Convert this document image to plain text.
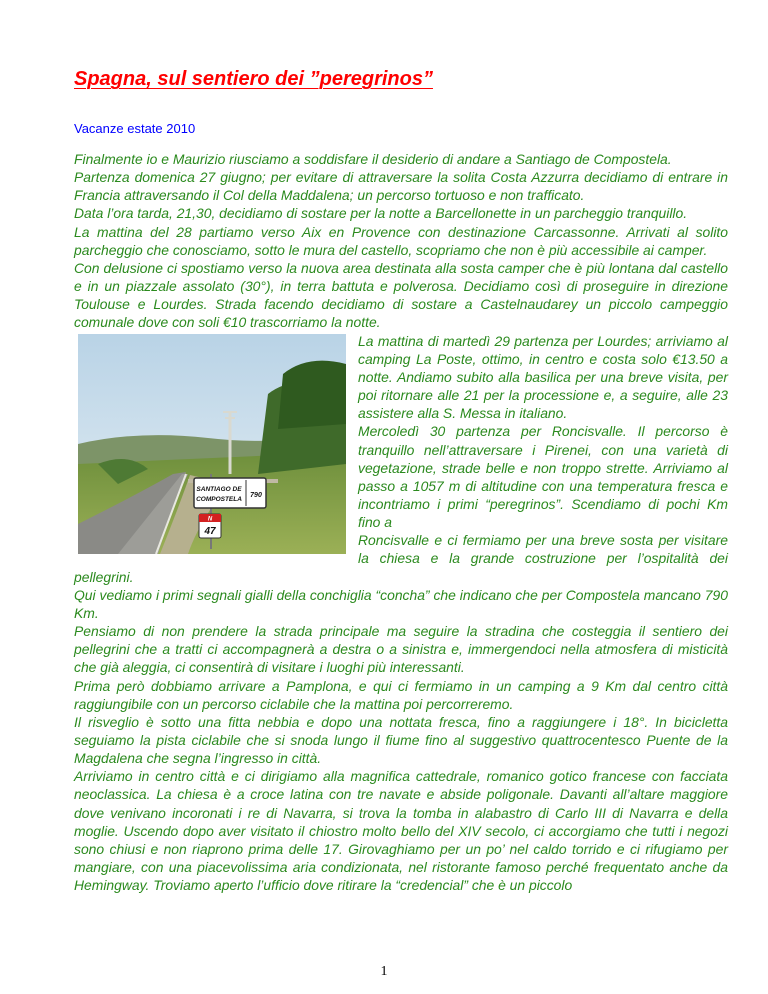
Spagna, sul sentiero dei ”peregrinos”

Vacanze estate 2010

Finalmente io e Maurizio riusciamo a soddisfare il desiderio di andare a Santiago de Compostela.

Partenza domenica 27 giugno; per evitare di attraversare la solita Costa Azzurra decidiamo di entrare in Francia attraversando il Col della Maddalena; un percorso tortuoso e non trafficato.

Data l’ora tarda, 21,30, decidiamo di sostare per la notte a Barcellonette in un parcheggio tranquillo.

La mattina del 28 partiamo verso Aix en Provence con destinazione Carcassonne. Arrivati al solito parcheggio che conosciamo, sotto le mura del castello, scopriamo che non è più accessibile ai camper.

Con delusione ci spostiamo verso la nuova area destinata alla sosta camper che è più lontana dal castello e in un piazzale assolato (30°), in terra battuta e polverosa. Decidiamo così di proseguire in direzione Toulouse e Lourdes. Strada facendo decidiamo di sostare a Castelnaudarey un piccolo campeggio comunale dove con soli €10 trascorriamo la notte.

SANTIAGO DE
COMPOSTELA
790
N
47

La mattina di martedì 29 partenza per Lourdes; arriviamo al camping La Poste, ottimo, in centro e costa solo €13.50 a notte. Andiamo subito alla basilica per una breve visita, per poi ritornare alle 21 per la processione e, a seguire, alle 23 assistere alla S. Messa in italiano.

Mercoledì 30 partenza per Roncisvalle. Il percorso è tranquillo nell’attraversare i Pirenei, con una varietà di vegetazione, strade belle e non troppo strette. Arriviamo al passo a 1057 m di altitudine con una temperatura fresca e incontriamo i primi “peregrinos”. Scendiamo di pochi Km fino a

Roncisvalle e ci fermiamo per una breve sosta per visitare la chiesa e la grande costruzione per l’ospitalità dei pellegrini.

Qui vediamo i primi segnali gialli della conchiglia “concha” che indicano che per Compostela mancano 790 Km.

Pensiamo di non prendere la strada principale ma seguire la stradina che costeggia il sentiero dei pellegrini che a tratti ci accompagnerà a destra o a sinistra e, immergendoci nella atmosfera di misticità che già aleggia, ci consentirà di visitare i luoghi più interessanti.

Prima però dobbiamo arrivare a Pamplona, e qui ci fermiamo in un camping a 9 Km dal centro città raggiungibile con un percorso ciclabile che la mattina poi percorreremo.

Il risveglio è sotto una fitta nebbia e dopo una nottata fresca, fino a raggiungere i 18°. In bicicletta seguiamo la pista ciclabile che si snoda lungo il fiume fino al suggestivo quattrocentesco Puente de la Magdalena che segna l’ingresso in città.

Arriviamo in centro città e ci dirigiamo alla magnifica cattedrale, romanico gotico francese con facciata neoclassica. La chiesa è a croce latina con tre navate e abside poligonale. Davanti all’altare maggiore dove venivano incoronati i re di Navarra, si trova la tomba in alabastro di Carlo III di Navarra e della moglie. Uscendo dopo aver visitato il chiostro molto bello del XIV secolo, ci accorgiamo che tutti i negozi sono chiusi e non riaprono prima delle 17. Girovaghiamo per un po’ nel caldo torrido e ci rifugiamo per mangiare, con una piacevolissima aria condizionata, nel ristorante famoso perché frequentato anche da Hemingway. Troviamo aperto l’ufficio dove ritirare la “credencial” che è un piccolo

1
